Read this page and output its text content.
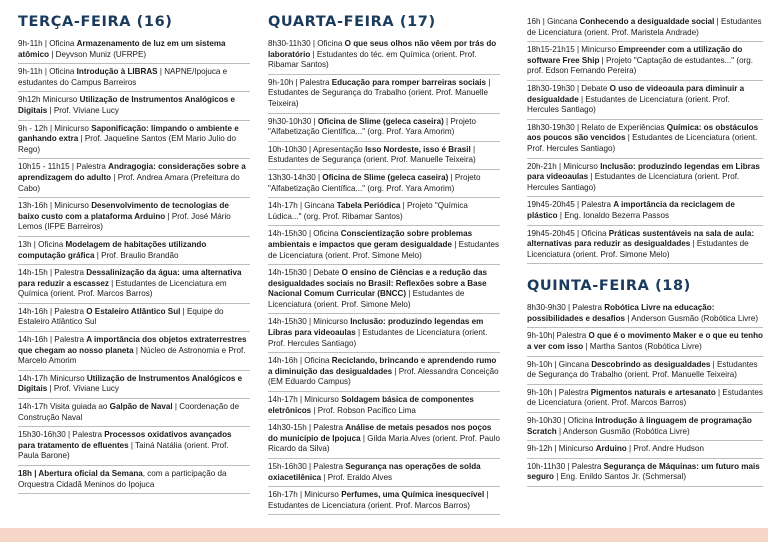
TERÇA-FEIRA (16)
9h-11h | Oficina Armazenamento de luz em um sistema atômico | Deyvson Muniz (UFRPE)
9h-11h | Oficina Introdução à LIBRAS | NAPNE/Ipojuca e estudantes do Campus Barreiros
9h12h Minicurso Utilização de Instrumentos Analógicos e Digitais | Prof. Viviane Lucy
9h - 12h | Minicurso Saponificação: limpando o ambiente e ganhando extra | Prof. Jaqueline Santos (EM Mario Julio do Rego)
10h15 - 11h15 | Palestra Andragogia: considerações sobre a aprendizagem do adulto | Prof. Andrea Amara (Prefeitura do Cabo)
13h-16h | Minicurso Desenvolvimento de tecnologias de baixo custo com a plataforma Arduino | Prof. José Mário Lemos (IFPE Barreiros)
13h | Oficina Modelagem de habitações utilizando computação gráfica | Prof. Braulio Brandão
14h-15h | Palestra Dessalinização da água: uma alternativa para reduzir a escassez | Estudantes de Licenciatura em Química (orient. Prof. Marcos Barros)
14h-16h | Palestra O Estaleiro Atlântico Sul | Equipe do Estaleiro Atlântico Sul
14h-16h | Palestra A importância dos objetos extraterrestres que chegam ao nosso planeta | Núcleo de Astronomia e Prof. Marcelo Amorim
14h-17h Minicurso Utilização de Instrumentos Analógicos e Digitais | Prof. Viviane Lucy
14h-17h Visita guiada ao Galpão de Naval | Coordenação de Construção Naval
15h30-16h30 | Palestra Processos oxidativos avançados para tratamento de efluentes | Tainá Natália (orient. Prof. Paula Barone)
18h | Abertura oficial da Semana, com a participação da Orquestra Cidadã Meninos do Ipojuca
QUARTA-FEIRA (17)
8h30-11h30 | Oficina O que seus olhos não vêem por trás do laboratório | Estudantes do téc. em Química (orient. Prof. Ribamar Santos)
9h-10h | Palestra Educação para romper barreiras sociais | Estudantes de Segurança do Trabalho (orient. Prof. Manuelle Teixeira)
9h30-10h30 | Oficina de Slime (geleca caseira) | Projeto "Alfabetização Científica..." (org. Prof. Yara Amorim)
10h-10h30 | Apresentação Isso Nordeste, isso é Brasil | Estudantes de Segurança (orient. Prof. Manuelle Teixeira)
13h30-14h30 | Oficina de Slime (geleca caseira) | Projeto "Alfabetização Científica..." (org. Prof. Yara Amorim)
14h-17h | Gincana Tabela Periódica | Projeto "Química Lúdica..." (org. Prof. Ribamar Santos)
14h-15h30 | Oficina Conscientização sobre problemas ambientais e impactos que geram desigualdade | Estudantes de Licenciatura (orient. Prof. Simone Melo)
14h-15h30 | Debate O ensino de Ciências e a redução das desigualdades sociais no Brasil: Reflexões sobre a Base Nacional Comum Curricular (BNCC) | Estudantes de Licenciatura (orient. Prof. Simone Melo)
14h-15h30 | Minicurso Inclusão: produzindo legendas em Libras para videoaulas | Estudantes de Licenciatura (orient. Prof. Hercules Santiago)
14h-16h | Oficina Reciclando, brincando e aprendendo rumo a diminuição das desigualdades | Prof. Alessandra Conceição (EM Eduardo Campus)
14h-17h | Minicurso Soldagem básica de componentes eletrônicos | Prof. Robson Pacífico Lima
14h30-15h | Palestra Análise de metais pesados nos poços do município de Ipojuca | Gilda Maria Alves (orient. Prof. Paulo Ricardo da Silva)
15h-16h30 | Palestra Segurança nas operações de solda oxiacetilênica | Prof. Eraldo Alves
16h-17h | Minicurso Perfumes, uma Química inesquecível | Estudantes de Licenciatura (orient. Prof. Marcos Barros)
16h | Gincana Conhecendo a desigualdade social | Estudantes de Licenciatura (orient. Prof. Maristela Andrade)
18h15-21h15 | Minicurso Empreender com a utilização do software Free Ship | Projeto "Captação de estudantes..." (org. prof. Edson Fernando Pereira)
18h30-19h30 | Debate O uso de videoaula para diminuir a desigualdade | Estudantes de Licenciatura (orient. Prof. Hercules Santiago)
18h30-19h30 | Relato de Experiências Química: os obstáculos aos poucos são vencidos | Estudantes de Licenciatura (orient. Prof. Hercules Santiago)
20h-21h | Minicurso Inclusão: produzindo legendas em Libras para videoaulas | Estudantes de Licenciatura (orient. Prof. Hercules Santiago)
19h45-20h45 | Palestra A importância da reciclagem de plástico | Eng. Ionaldo Bezerra Passos
19h45-20h45 | Oficina Práticas sustentáveis na sala de aula: alternativas para reduzir as desigualdades | Estudantes de Licenciatura (orient. Prof. Simone Melo)
QUINTA-FEIRA (18)
8h30-9h30 | Palestra Robótica Livre na educação: possibilidades e desafios | Anderson Gusmão (Robótica Livre)
9h-10h| Palestra O que é o movimento Maker e o que eu tenho a ver com isso | Martha Santos (Robótica Livre)
9h-10h | Gincana Descobrindo as desigualdades | Estudantes de Segurança do Trabalho (orient. Prof. Manuelle Teixeira)
9h-10h | Palestra Pigmentos naturais e artesanato | Estudantes de Licenciatura (orient. Prof. Marcos Barros)
9h-10h30 | Oficina Introdução à linguagem de programação Scratch | Anderson Gusmão (Robótica Livre)
9h-12h | Minicurso Arduino | Prof. Andre Hudson
10h-11h30 | Palestra Segurança de Máquinas: um futuro mais seguro | Eng. Enildo Santos Jr. (Schmersal)
